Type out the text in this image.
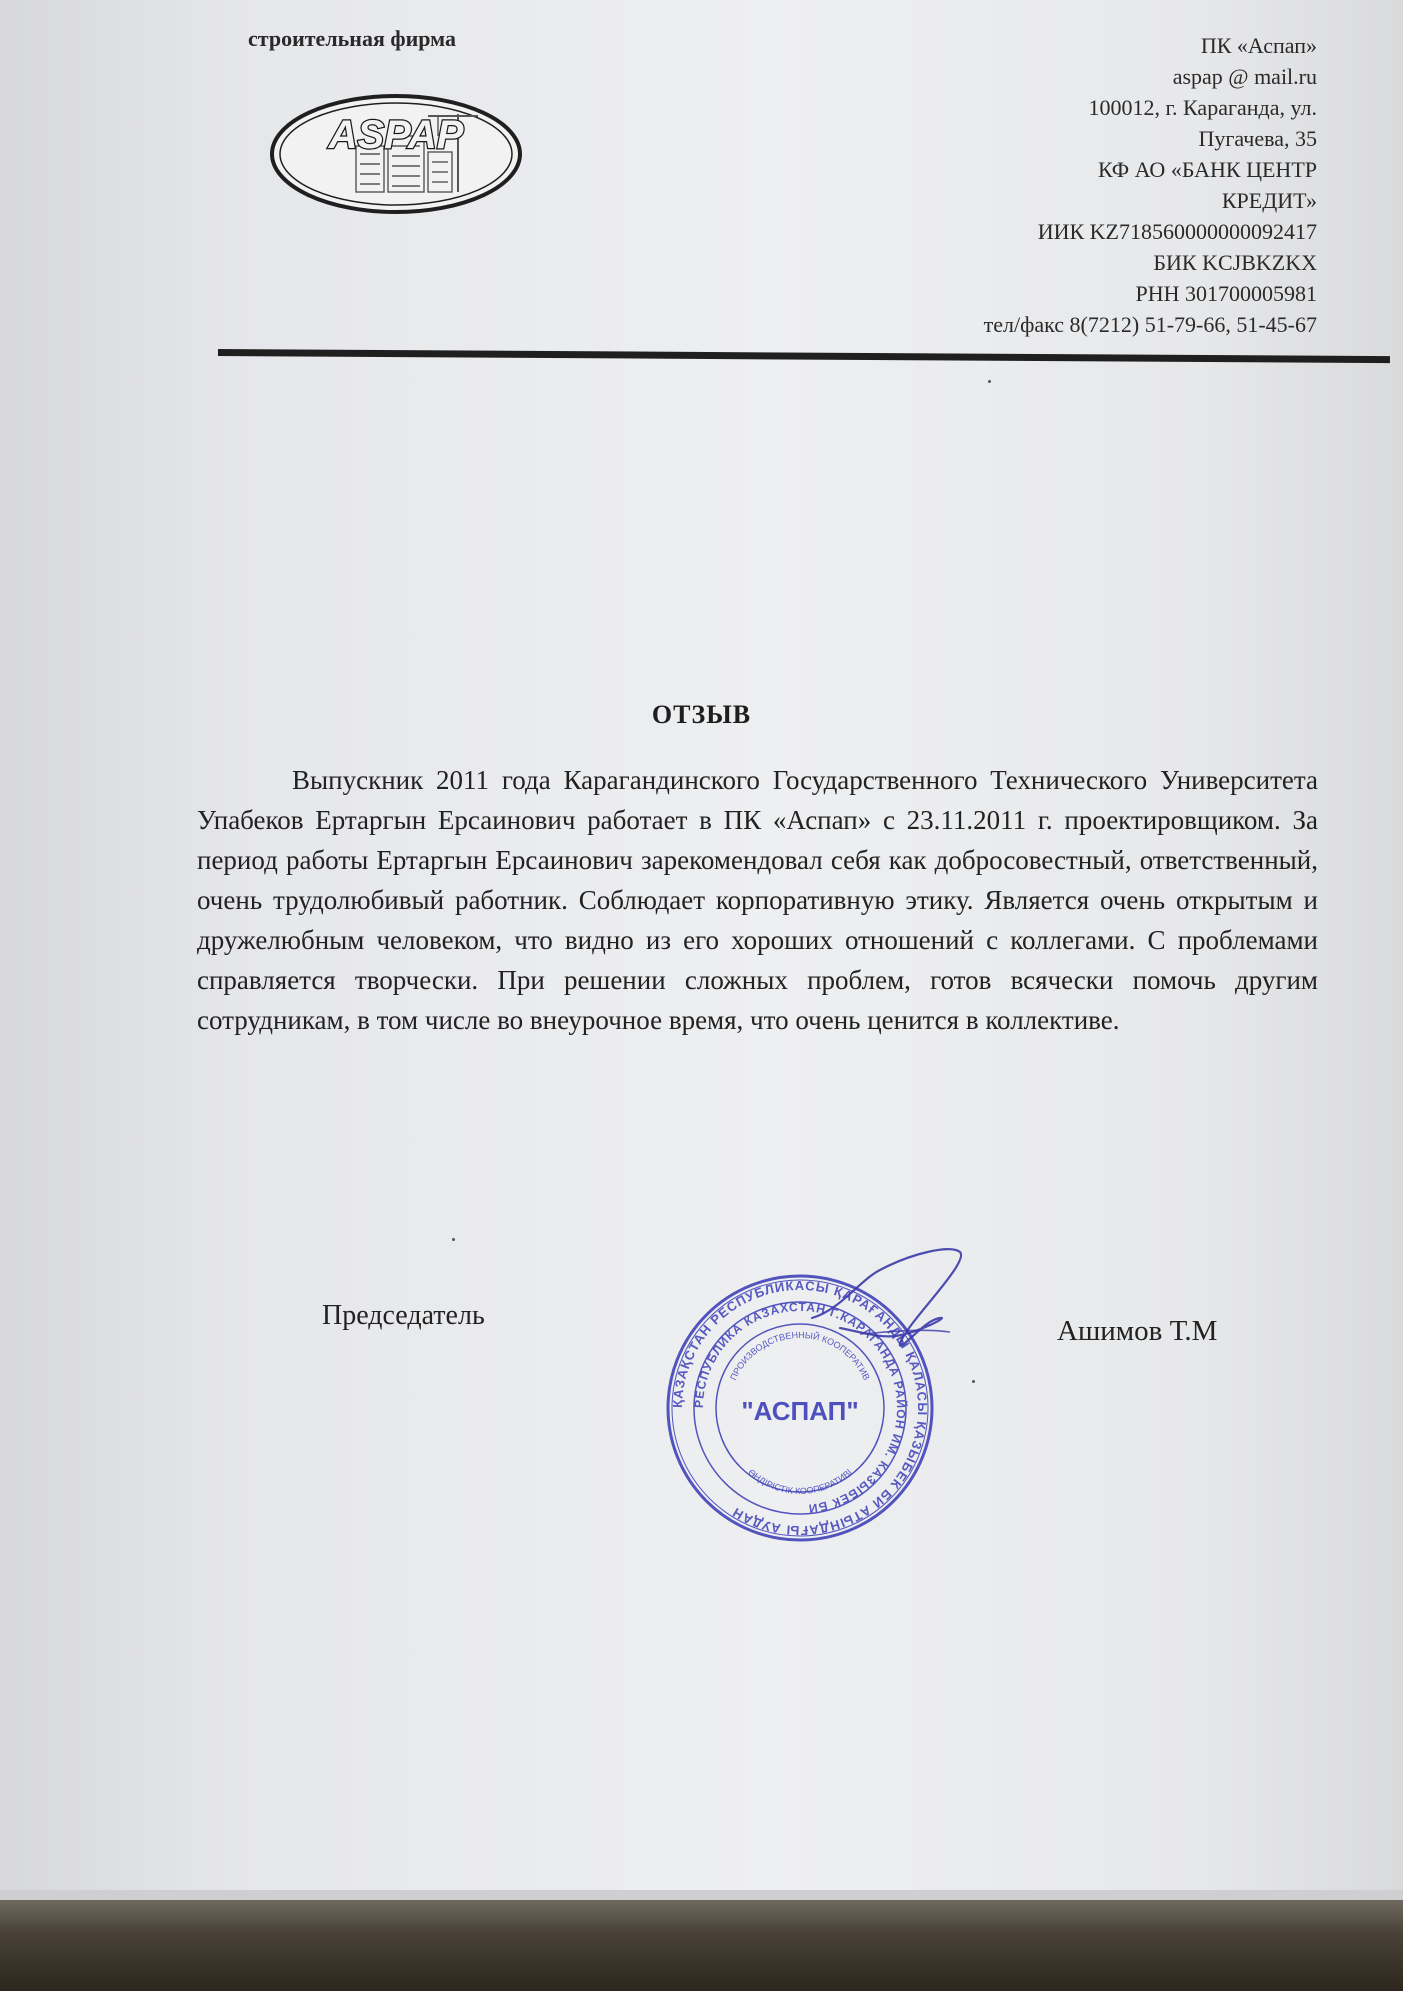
строительная фирма
ASPAP
ПК «Аспап»
aspap @ mail.ru
100012, г. Караганда, ул.
Пугачева, 35
КФ АО «БАНК ЦЕНТР
КРЕДИТ»
ИИК KZ718560000000092417
БИК KCJBKZKX
РНН 301700005981
тел/факс 8(7212) 51-79-66, 51-45-67
ОТЗЫВ
Выпускник 2011 года Карагандинского Государственного Технического Университета Упабеков Ертаргын Ерсаинович работает в ПК «Аспап» с 23.11.2011 г. проектировщиком. За период работы Ертаргын Ерсаинович зарекомендовал себя как добросовестный, ответственный, очень трудолюбивый работник. Соблюдает корпоративную этику. Является очень открытым и дружелюбным человеком, что видно из его хороших отношений с коллегами. С проблемами справляется творчески. При решении сложных проблем, готов всячески помочь другим сотрудникам, в том числе во внеурочное время, что очень ценится в коллективе.
Председатель
ҚАЗАҚСТАН РЕСПУБЛИКАСЫ ҚАРАҒАНДЫ ҚАЛАСЫ ҚАЗЫБЕК БИ АТЫНДАҒЫ АУДАН
РЕСПУБЛИКА КАЗАХСТАН Г.КАРАГАНДА РАЙОН ИМ. КАЗЫБЕК БИ
ПРОИЗВОДСТВЕННЫЙ КООПЕРАТИВ
ӨНДІРІСТІК КООПЕРАТИВІ
"АСПАП"
Ашимов Т.М
